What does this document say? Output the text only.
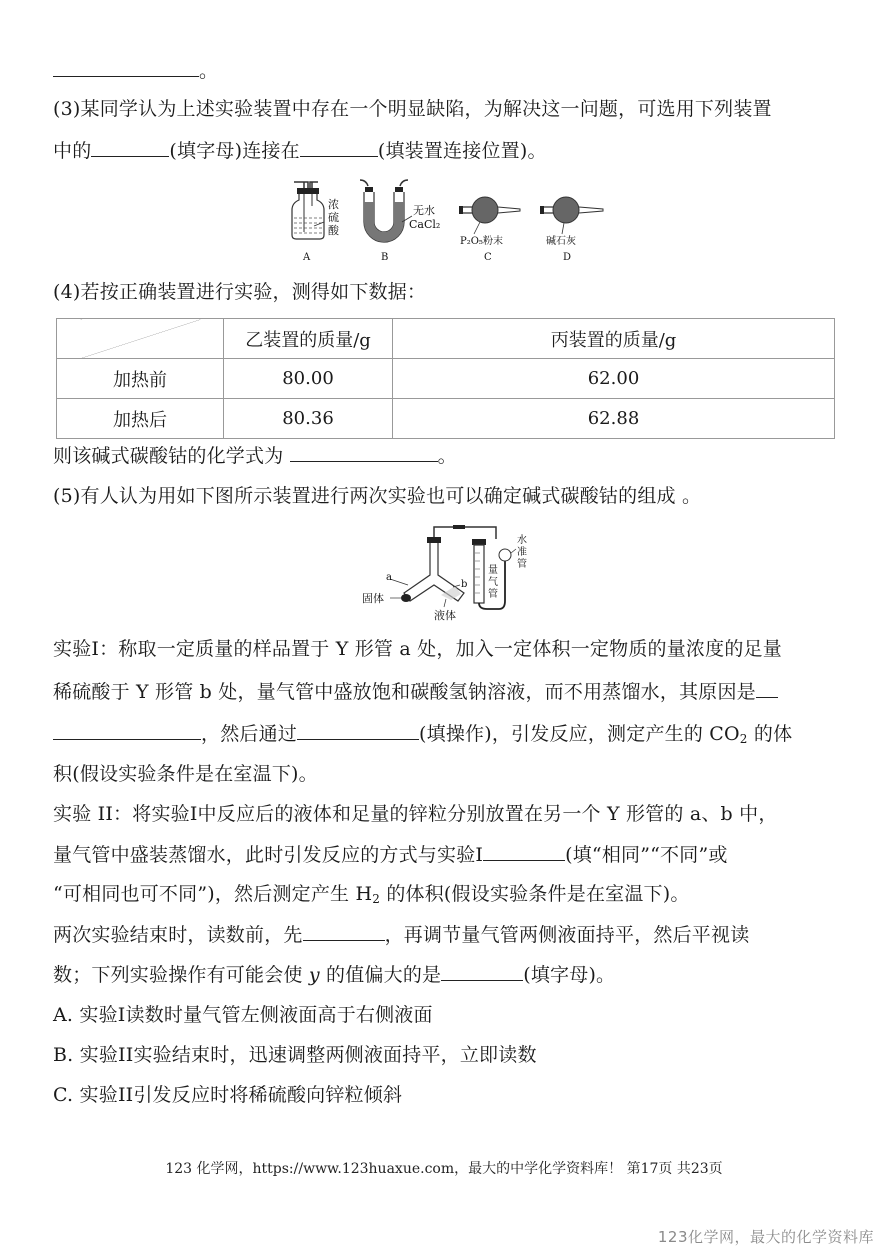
。
(3)某同学认为上述实验装置中存在一个明显缺陷，为解决这一问题，可选用下列装置
中的	(填字母)连接在	(填装置连接位置)。
浓
硫
酸
A
无水
CaCl₂
B
P₂O₅粉末
C
碱石灰
D
(4)若按正确装置进行实验，测得如下数据：
	乙装置的质量/g	丙装置的质量/g
加热前	80.00	62.00
加热后	80.36	62.88
则该碱式碳酸钴的化学式为	。
(5)有人认为用如下图所示装置进行两次实验也可以确定碱式碳酸钴的组成 。
a
b
固体
液体
水
准
管
量
气
管
实验I：称取一定质量的样品置于 Y 形管 a 处，加入一定体积一定物质的量浓度的足量
稀硫酸于 Y 形管 b 处，量气管中盛放饱和碳酸氢钠溶液，而不用蒸馏水，其原因是
，然后通过	(填操作)，引发反应，测定产生的 $CO_2$ 的体
积(假设实验条件是在室温下)。
实验 II：将实验I中反应后的液体和足量的锌粒分别放置在另一个 Y 形管的 a、b 中，
量气管中盛装蒸馏水，此时引发反应的方式与实验I	(填“相同”“不同”或
“可相同也可不同”)，然后测定产生 $H_2$ 的体积(假设实验条件是在室温下)。
两次实验结束时，读数前，先	，再调节量气管两侧液面持平，然后平视读
数；下列实验操作有可能会使 y 的值偏大的是	(填字母)。
A. 实验I读数时量气管左侧液面高于右侧液面
B. 实验II实验结束时，迅速调整两侧液面持平，立即读数
C. 实验II引发反应时将稀硫酸向锌粒倾斜
123 化学网，https://www.123huaxue.com，最大的中学化学资料库！ 第17页 共23页
123化学网，最大的化学资料库
